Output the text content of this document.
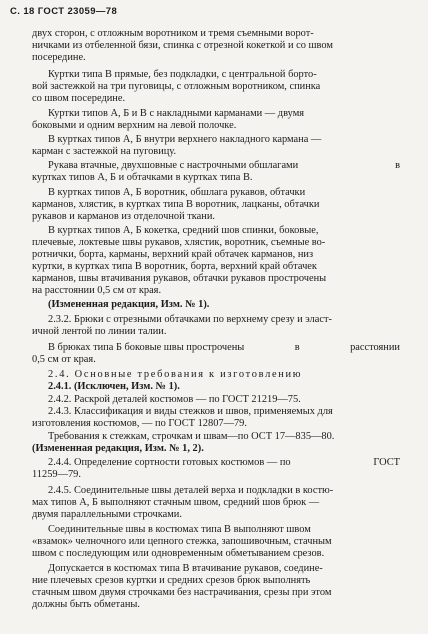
С. 18 ГОСТ 23059—78
двух сторон, с отложным воротником и тремя съемными ворот-
ничками из отбеленной бязи, спинка с отрезной кокеткой и со швом
посередине.
Куртки типа В прямые, без подкладки, с центральной борто-
вой застежкой на три пуговицы, с отложным воротником, спинка
со швом посередине.
Куртки типов А, Б и В с накладными карманами — двумя
боковыми и одним верхним на левой полочке.
В куртках типов А, Б внутри верхнего накладного кармана —
карман с застежкой на пуговицу.
Рукава втачные, двухшовные с настрочными обшлагами	в
куртках типов А, Б и обтачками в куртках типа В.
В куртках типов А, Б воротник, обшлага рукавов, обтачки
карманов, хлястик, в куртках типа В воротник, лацканы, обтачки
рукавов и карманов из отделочной ткани.
В куртках типов А, Б кокетка, средний шов спинки, боковые,
плечевые, локтевые швы рукавов, хлястик, воротник, съемные во-
ротнички, борта, карманы, верхний край обтачек карманов, низ
куртки, в куртках типа В воротник, борта, верхний край обтачек
карманов, швы втачивания рукавов, обтачки рукавов прострочены
на расстоянии 0,5 см от края.
(Измененная редакция, Изм. № 1).
2.3.2. Брюки с отрезными обтачками по верхнему срезу и эласт-
ичной лентой по линии талии.
В брюках типа Б боковые швы прострочены	в	расстоянии
0,5 см от края.
2.4. Основные требования к изготовлению
2.4.1. (Исключен, Изм. № 1).
2.4.2. Раскрой деталей костюмов — по ГОСТ 21219—75.
2.4.3. Классификация и виды стежков и швов, применяемых для
изготовления костюмов, — по ГОСТ 12807—79.
Требования к стежкам, строчкам и швам—по ОСТ 17—835—80.
(Измененная редакция, Изм. № 1, 2).
2.4.4. Определение сортности готовых костюмов — по	ГОСТ
11259—79.
2.4.5. Соединительные швы деталей верха и подкладки в костю-
мах типов А, Б выполняют стачным швом, средний шов брюк —
двумя параллельными строчками.
Соединительные швы в костюмах типа В выполняют швом
«взамок» челночного или цепного стежка, запошивочным, стачным
швом с последующим или одновременным обметыванием срезов.
Допускается в костюмах типа В втачивание рукавов, соедине-
ние плечевых срезов куртки и средних срезов брюк выполнять
стачным швом двумя строчками без настрачивания, срезы при этом
должны быть обметаны.
